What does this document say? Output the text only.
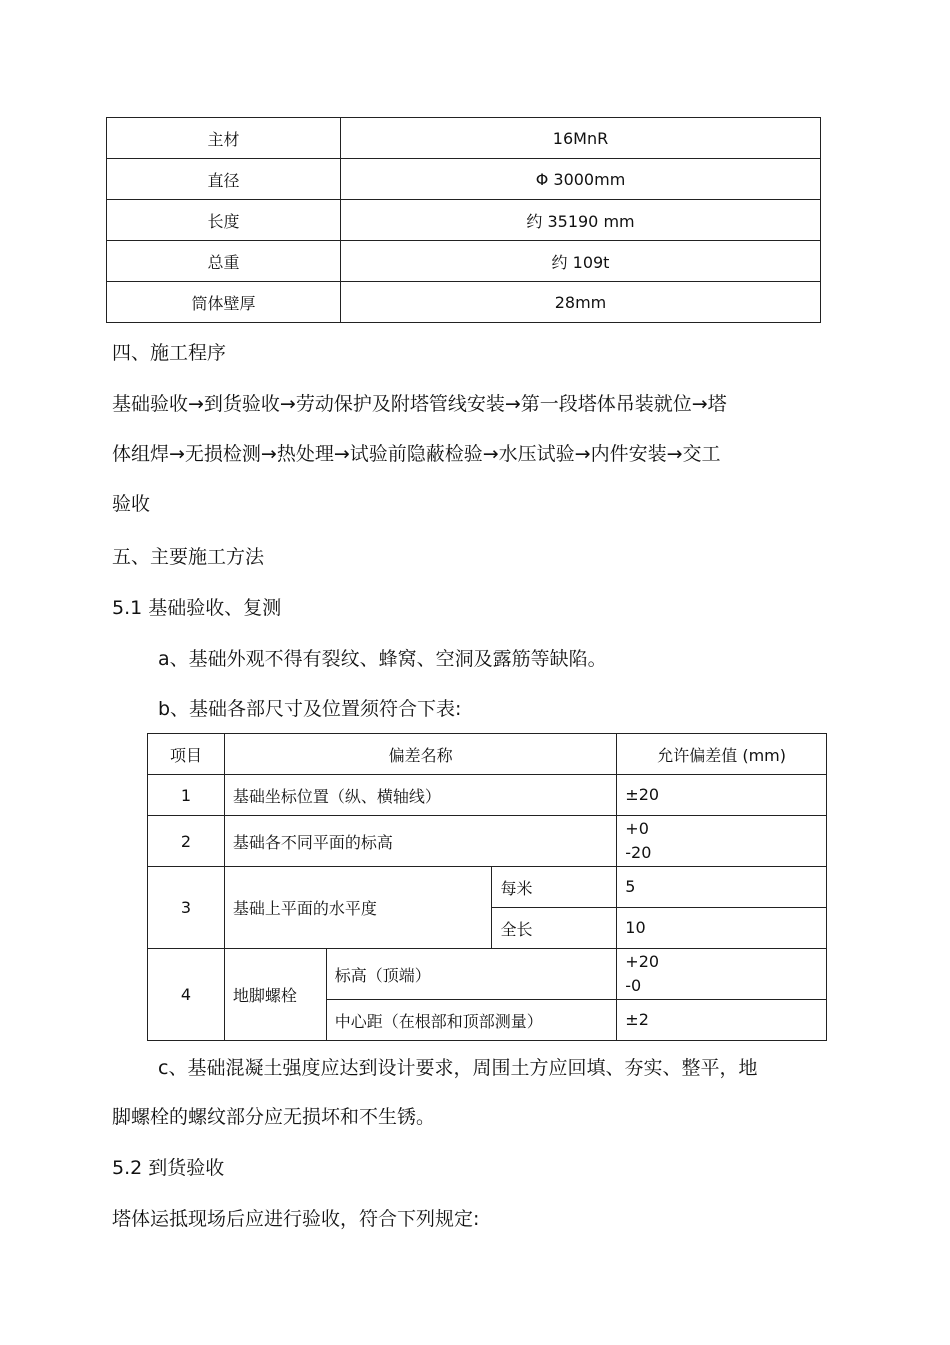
主材	16MnR
直径	Φ 3000mm
长度	约 35190 mm
总重	约 109t
筒体壁厚	28mm
四、施工程序
基础验收→到货验收→劳动保护及附塔管线安装→第一段塔体吊装就位→塔
体组焊→无损检测→热处理→试验前隐蔽检验→水压试验→内件安装→交工
验收
五、主要施工方法
5.1 基础验收、复测
a、基础外观不得有裂纹、蜂窝、空洞及露筋等缺陷。
b、基础各部尺寸及位置须符合下表:
项目	偏差名称			允许偏差值 (mm)
1	基础坐标位置（纵、横轴线）			±20
2	基础各不同平面的标高			+0
-20

3	基础上平面的水平度		每米	5
			全长	10
4	地脚螺栓	标高（顶端）		+20
-0

		中心距（在根部和顶部测量）		±2
c、基础混凝土强度应达到设计要求，周围土方应回填、夯实、整平，地
脚螺栓的螺纹部分应无损坏和不生锈。
5.2 到货验收
塔体运抵现场后应进行验收，符合下列规定:
